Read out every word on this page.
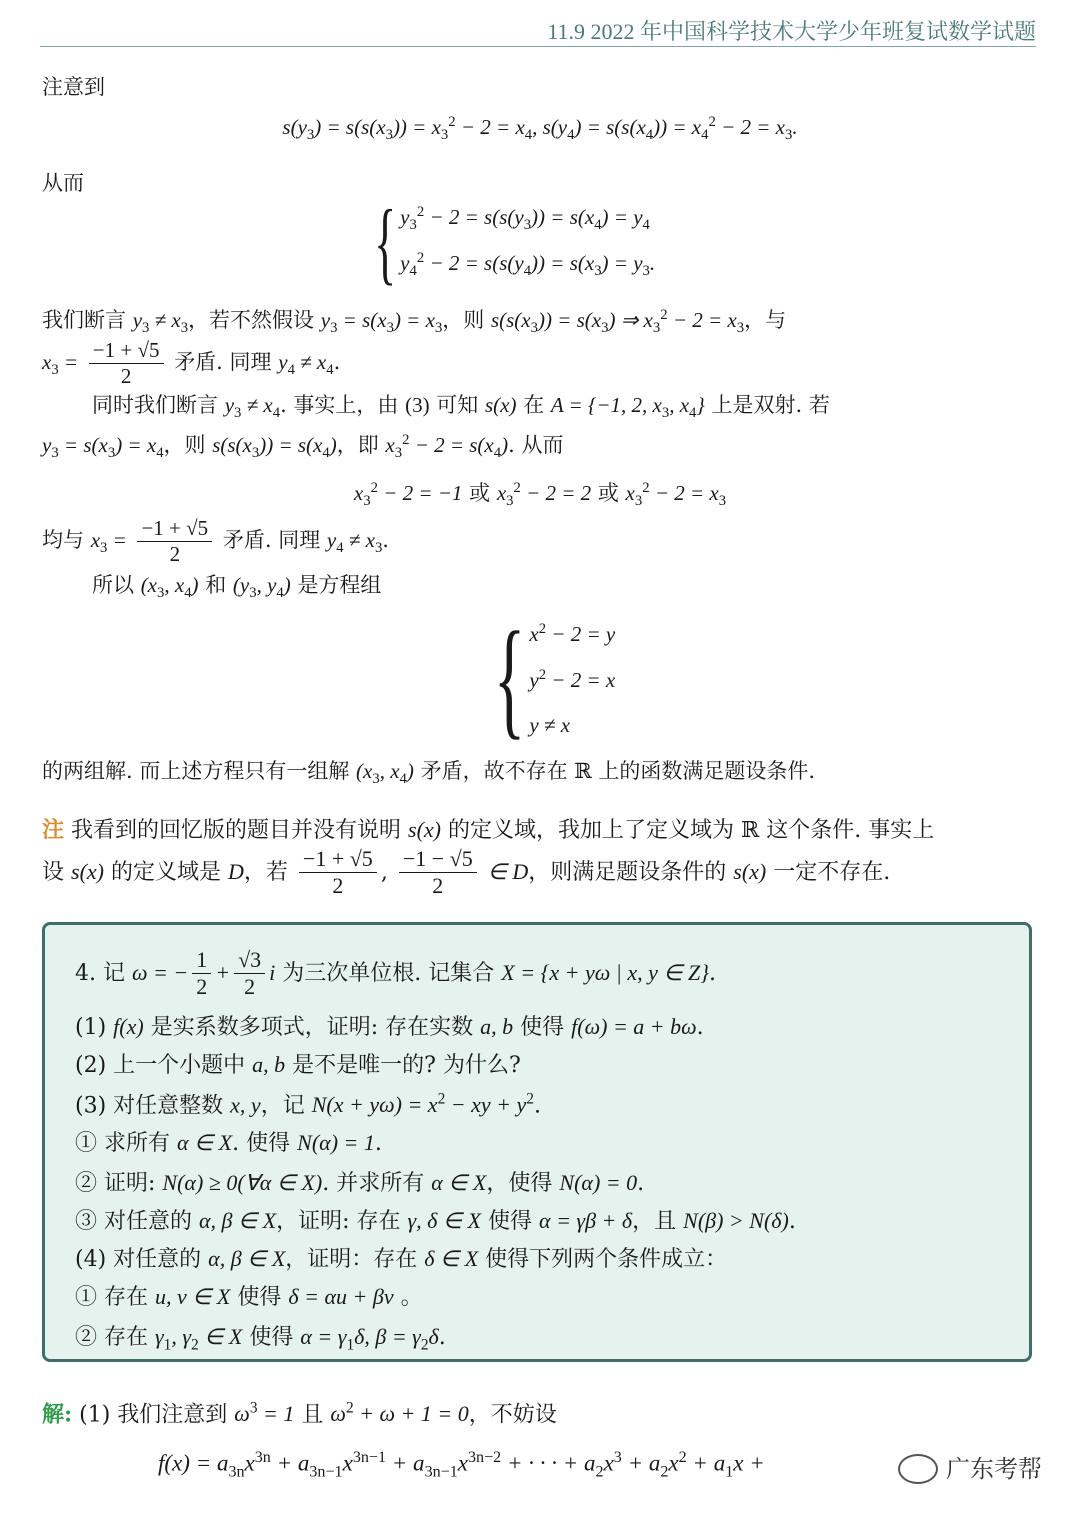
11.9 2022 年中国科学技术大学少年班复试数学试题
注意到
$s(y_3) = s(s(x_3)) = x_3^2 - 2 = x_4$, $s(y_4) = s(s(x_4)) = x_4^2 - 2 = x_3$.
从而
{ $y_3^2 - 2 = s(s(y_3)) = s(x_4) = y_4$
$y_4^2 - 2 = s(s(y_4)) = s(x_3) = y_3$.
我们断言 $y_3 \ne x_3$，若不然假设 $y_3 = s(x_3) = x_3$，则 $s(s(x_3)) = s(x_3)$ ⇒ $x_3^2 - 2 = x_3$，与
$x_3 = \frac{-1 + √5}{2}$ 矛盾. 同理 $y_4 \ne x_4$.
同时我们断言 $y_3 \ne x_4$. 事实上，由 (3) 可知 s(x) 在 A = {−1, 2, $x_3$, $x_4$} 上是双射. 若
$y_3 = s(x_3) = x_4$，则 $s(s(x_3)) = s(x_4)$，即 $x_3^2 - 2 = s(x_4)$. 从而
$x_3^2 - 2 = -1$ 或 $x_3^2 - 2 = 2$ 或 $x_3^2 - 2 = x_3$
均与 $x_3 = \frac{-1 + √5}{2}$ 矛盾. 同理 $y_4 \ne x_3$.
所以 ($x_3$, $x_4$) 和 ($y_3$, $y_4$) 是方程组
{ $x^2 - 2 = y$
$y^2 - 2 = x$
y ≠ x
的两组解. 而上述方程只有一组解 ($x_3$, $x_4$) 矛盾，故不存在 ℝ 上的函数满足题设条件.
注 我看到的回忆版的题目并没有说明 s(x) 的定义域，我加上了定义域为 ℝ 这个条件. 事实上
设 s(x) 的定义域是 D，若 $\frac{-1 + √5}{2}$ , $\frac{-1 - √5}{2}$ ∈ D，则满足题设条件的 s(x) 一定不存在.
4. 记 ω = − $\frac{1}{2} + \frac{√3}{2}$ i 为三次单位根. 记集合 X = {x + yω | x, y ∈ Z}.
(1) f(x) 是实系数多项式，证明: 存在实数 a, b 使得 f(ω) = a + bω.
(2) 上一个小题中 a, b 是不是唯一的? 为什么?
(3) 对任意整数 x, y，记 $N(x + y\omega) = x^2$ − xy + $y^2$.
① 求所有 α ∈ X. 使得 N(α) = 1.
② 证明: N(α) ≥ 0(∀α ∈ X). 并求所有 α ∈ X，使得 N(α) = 0.
③ 对任意的 α, β ∈ X，证明: 存在 γ, δ ∈ X 使得 α = γβ + δ，且 N(β) > N(δ).
(4) 对任意的 α, β ∈ X，证明：存在 δ ∈ X 使得下列两个条件成立：
① 存在 u, v ∈ X 使得 δ = αu + βv 。
② 存在 $\gamma_1$, $\gamma_2$ ∈ X 使得 $\alpha = \gamma_1\delta$, $\beta = \gamma_2\delta$.
解: (1) 我们注意到 $\omega^3 = 1$ 且 $\omega^2 + \omega + 1 = 0$，不妨设
$f(x) = a_{3n}x^{3n} + a_{3n-1}x^{3n-1} + a_{3n-1}x^{3n-2}$ + · · · + $a_2x^3 + a_2x^2 + a_1x$ +	广东考帮
